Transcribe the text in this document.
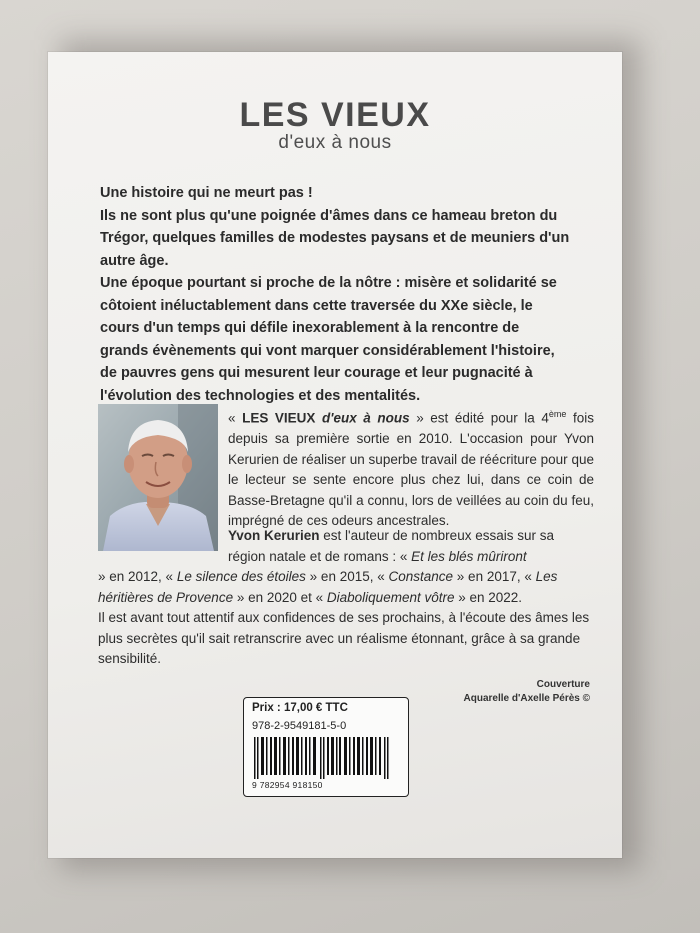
LES VIEUX
d'eux à nous

Une histoire qui ne meurt pas !

Ils ne sont plus qu'une poignée d'âmes dans ce hameau breton du Trégor, quelques familles de modestes paysans et de meuniers d'un autre âge.

Une époque pourtant si proche de la nôtre : misère et solidarité se côtoient inéluctablement dans cette traversée du XXe siècle, le cours d'un temps qui défile inexorablement à la rencontre de grands évènements qui vont marquer considérablement l'histoire, de pauvres gens qui mesurent leur courage et leur pugnacité à l'évolution des technologies et des mentalités.

« LES VIEUX d'eux à nous » est édité pour la 4ème fois depuis sa première sortie en 2010. L'occasion pour Yvon Kerurien de réaliser un superbe travail de réécriture pour que le lecteur se sente encore plus chez lui, dans ce coin de Basse-Bretagne qu'il a connu, lors de veillées au coin du feu, imprégné de ces odeurs ancestrales.

Yvon Kerurien est l'auteur de nombreux essais sur sa région natale et de romans : « Et les blés mûriront

» en 2012, « Le silence des étoiles » en 2015, « Constance » en 2017, « Les héritières de Provence » en 2020 et « Diaboliquement vôtre » en 2022.

Il est avant tout attentif aux confidences de ses prochains, à l'écoute des âmes les plus secrètes qu'il sait retranscrire avec un réalisme étonnant, grâce à sa grande sensibilité.

Couverture
Aquarelle d'Axelle Pérès ©
Prix : 17,00 € TTC
978-2-9549181-5-0
9 782954 918150
